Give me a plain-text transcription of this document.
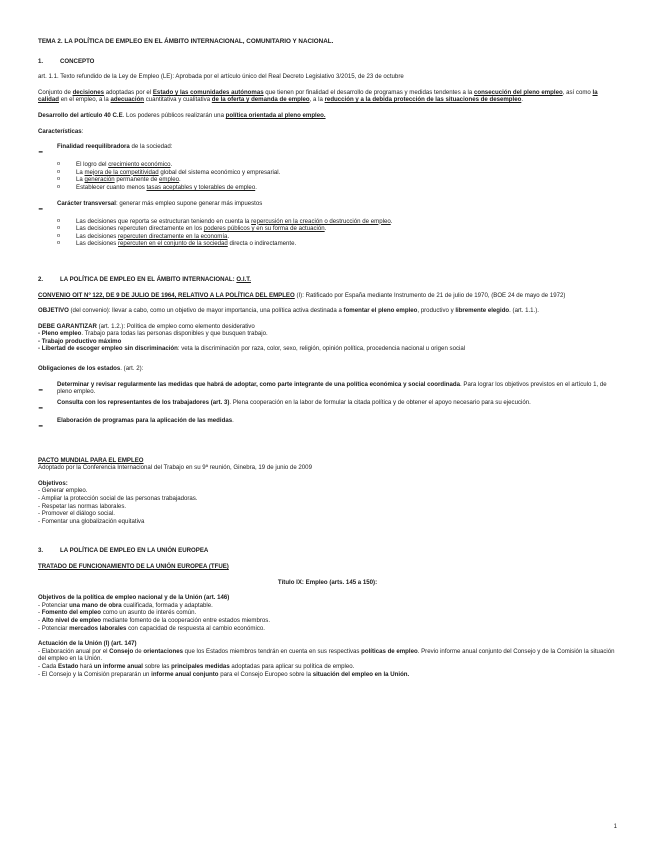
TEMA 2. LA POLÍTICA DE EMPLEO EN EL ÁMBITO INTERNACIONAL, COMUNITARIO Y NACIONAL.

1.	CONCEPTO

art. 1.1. Texto refundido de la Ley de Empleo (LE): Aprobada por el artículo único del Real Decreto Legislativo 3/2015, de 23 de octubre

Conjunto de decisiones adoptadas por el Estado y las comunidades autónomas que tienen por finalidad el desarrollo de programas y medidas tendentes a la consecución del pleno empleo, así como la calidad en el empleo, a la adecuación cuantitativa y cualitativa de la oferta y demanda de empleo, a la reducción y a la debida protección de las situaciones de desempleo.

Desarrollo del artículo 40 C.E. Los poderes públicos realizarán una política orientada al pleno empleo.

Características:

-	Finalidad reequilibradora de la sociedad:

o	El logro del crecimiento económico.

o	La mejora de la competitividad global del sistema económico y empresarial.

o	La generación permanente de empleo.

o	Establecer cuanto menos tasas aceptables y tolerables de empleo.

-	Carácter transversal: generar más empleo supone generar más impuestos

o	Las decisiones que reporta se estructuran teniendo en cuenta la repercusión en la creación o destrucción de empleo.

o	Las decisiones repercuten directamente en los poderes públicos y en su forma de actuación.

o	Las decisiones repercuten directamente en la economía.

o	Las decisiones repercuten en el conjunto de la sociedad directa o indirectamente.

2.	LA POLÍTICA DE EMPLEO EN EL ÁMBITO INTERNACIONAL: O.I.T.

CONVENIO OIT Nº 122, DE 9 DE JULIO DE 1964, RELATIVO A LA POLÍTICA DEL EMPLEO (I): Ratificado por España mediante Instrumento de 21 de julio de 1970, (BOE 24 de mayo de 1972)

OBJETIVO (del convenio): llevar a cabo, como un objetivo de mayor importancia, una política activa destinada a fomentar el pleno empleo, productivo y libremente elegido. (art. 1.1.).

DEBE GARANTIZAR (art. 1.2.): Política de empleo como elemento desiderativo

- Pleno empleo. Trabajo para todas las personas disponibles y que busquen trabajo.

- Trabajo productivo máximo

- Libertad de escoger empleo sin discriminación: veta la discriminación por raza, color, sexo, religión, opinión política, procedencia nacional u origen social

Obligaciones de los estados. (art. 2):

-	Determinar y revisar regularmente las medidas que habrá de adoptar, como parte integrante de una política económica y social coordinada. Para lograr los objetivos previstos en el artículo 1, de pleno empleo.

-	Consulta con los representantes de los trabajadores (art. 3). Plena cooperación en la labor de formular la citada política y de obtener el apoyo necesario para su ejecución.

-	Elaboración de programas para la aplicación de las medidas.

PACTO MUNDIAL PARA EL EMPLEO

Adoptado por la Conferencia Internacional del Trabajo en su 9ª reunión, Ginebra, 19 de junio de 2009

Objetivos:

- Generar empleo.

- Ampliar la protección social de las personas trabajadoras.

- Respetar las normas laborales.

- Promover el diálogo social.

- Fomentar una globalización equitativa

3.	LA POLÍTICA DE EMPLEO EN LA UNIÓN EUROPEA

TRATADO DE FUNCIONAMIENTO DE LA UNIÓN EUROPEA (TFUE)

Título IX: Empleo (arts. 145 a 150):

Objetivos de la política de empleo nacional y de la Unión (art. 146)

- Potenciar una mano de obra cualificada, formada y adaptable.

- Fomento del empleo como un asunto de interés común.

- Alto nivel de empleo mediante fomento de la cooperación entre estados miembros.

- Potenciar mercados laborales con capacidad de respuesta al cambio económico.

Actuación de la Unión (I) (art. 147)

- Elaboración anual por el Consejo de orientaciones que los Estados miembros tendrán en cuenta en sus respectivas políticas de empleo. Previo informe anual conjunto del Consejo y de la Comisión la situación del empleo en la Unión.

- Cada Estado hará un informe anual sobre las principales medidas adoptadas para aplicar su política de empleo.

- El Consejo y la Comisión prepararán un informe anual conjunto para el Consejo Europeo sobre la situación del empleo en la Unión.

1
